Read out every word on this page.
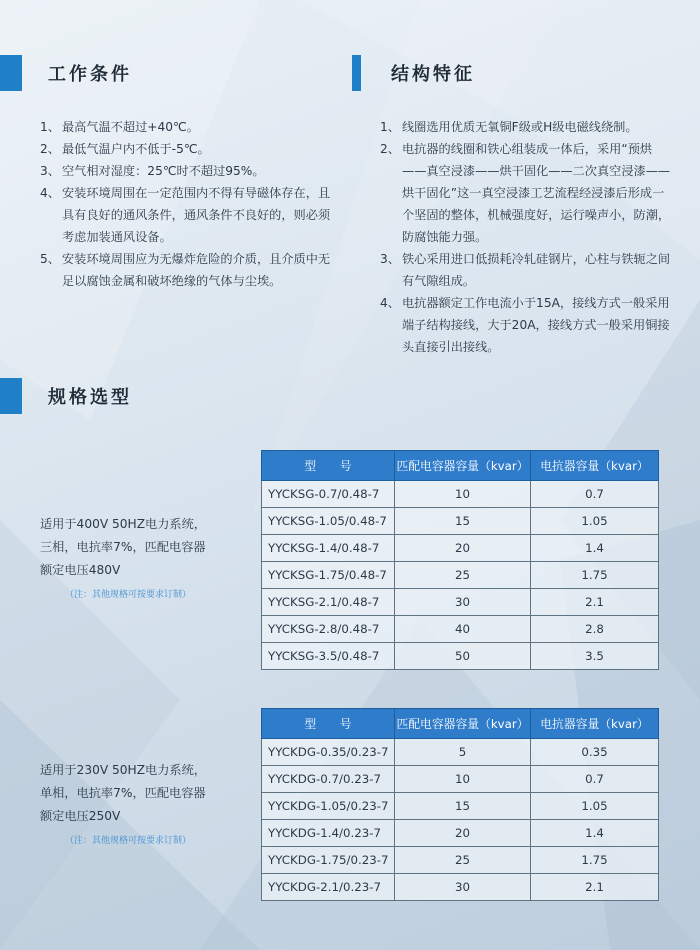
工作条件
1、 最高气温不超过+40℃。
2、 最低气温户内不低于-5℃。
3、 空气相对湿度：25℃时不超过95%。
4、 安装环境周围在一定范围内不得有导磁体存在，且具有良好的通风条件，通风条件不良好的，则必须考虑加装通风设备。
5、 安装环境周围应为无爆炸危险的介质，且介质中无足以腐蚀金属和破坏绝缘的气体与尘埃。
结构特征
1、 线圈选用优质无氧铜F级或H级电磁线绕制。
2、 电抗器的线圈和铁心组装成一体后，采用“预烘——真空浸漆——烘干固化——二次真空浸漆——烘干固化”这一真空浸漆工艺流程经浸漆后形成一个坚固的整体，机械强度好，运行噪声小，防潮，防腐蚀能力强。
3、 铁心采用进口低损耗冷轧硅钢片，心柱与铁轭之间有气隙组成。
4、 电抗器额定工作电流小于15A，接线方式一般采用端子结构接线，大于20A，接线方式一般采用铜接头直接引出接线。
规格选型
适用于400V 50HZ电力系统，
三相，电抗率7%，匹配电容器
额定电压480V
（注：其他规格可按要求订制）
型　　号	匹配电容器容量（kvar）	电抗器容量（kvar）
YYCKSG-0.7/0.48-7	10	0.7
YYCKSG-1.05/0.48-7	15	1.05
YYCKSG-1.4/0.48-7	20	1.4
YYCKSG-1.75/0.48-7	25	1.75
YYCKSG-2.1/0.48-7	30	2.1
YYCKSG-2.8/0.48-7	40	2.8
YYCKSG-3.5/0.48-7	50	3.5
适用于230V 50HZ电力系统，
单相，电抗率7%，匹配电容器
额定电压250V
（注：其他规格可按要求订制）
型　　号	匹配电容器容量（kvar）	电抗器容量（kvar）
YYCKDG-0.35/0.23-7	5	0.35
YYCKDG-0.7/0.23-7	10	0.7
YYCKDG-1.05/0.23-7	15	1.05
YYCKDG-1.4/0.23-7	20	1.4
YYCKDG-1.75/0.23-7	25	1.75
YYCKDG-2.1/0.23-7	30	2.1
